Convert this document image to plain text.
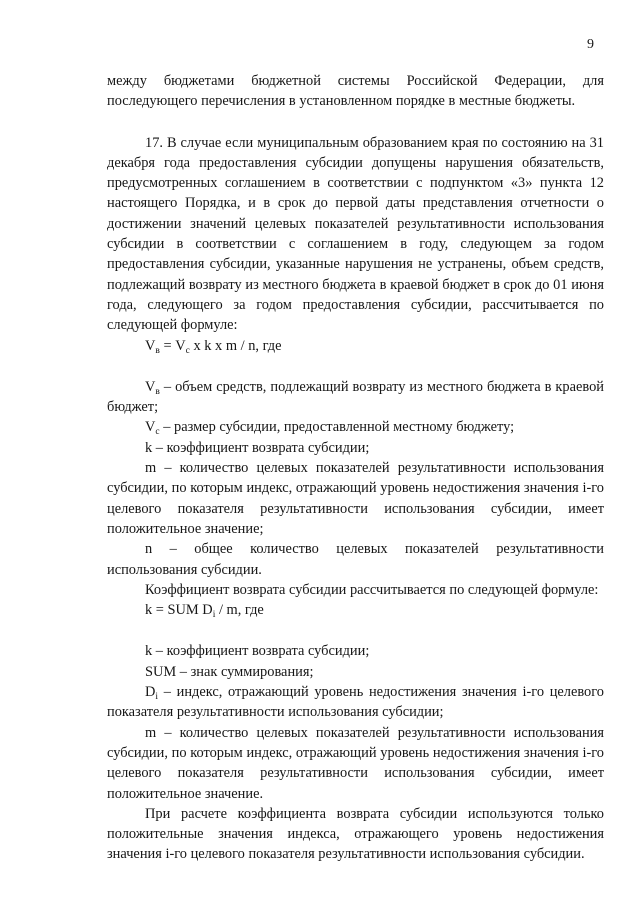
9

между бюджетами бюджетной системы Российской Федерации, для последующего перечисления в установленном порядке в местные бюджеты.

17. В случае если муниципальным образованием края по состоянию на 31 декабря года предоставления субсидии допущены нарушения обязательств, предусмотренных соглашением в соответствии с подпунктом «3» пункта 12 настоящего Порядка, и в срок до первой даты представления отчетности о достижении значений целевых показателей результативности использования субсидии в соответствии с соглашением в году, следующем за годом предоставления субсидии, указанные нарушения не устранены, объем средств, подлежащий возврату из местного бюджета в краевой бюджет в срок до 01 июня года, следующего за годом предоставления субсидии, рассчитывается по следующей формуле:

$V_в = V_с$ x k x m / n, где

$V_в$ – объем средств, подлежащий возврату из местного бюджета в краевой бюджет;

$V_с$ – размер субсидии, предоставленной местному бюджету;

k – коэффициент возврата субсидии;

m – количество целевых показателей результативности использования субсидии, по которым индекс, отражающий уровень недостижения значения i-го целевого показателя результативности использования субсидии, имеет положительное значение;

n – общее количество целевых показателей результативности использования субсидии.

Коэффициент возврата субсидии рассчитывается по следующей формуле:

k = SUM $D_i$ / m, где

k – коэффициент возврата субсидии;

SUM – знак суммирования;

$D_i$ – индекс, отражающий уровень недостижения значения i-го целевого показателя результативности использования субсидии;

m – количество целевых показателей результативности использования субсидии, по которым индекс, отражающий уровень недостижения значения i-го целевого показателя результативности использования субсидии, имеет положительное значение.

При расчете коэффициента возврата субсидии используются только положительные значения индекса, отражающего уровень недостижения значения i-го целевого показателя результативности использования субсидии.
